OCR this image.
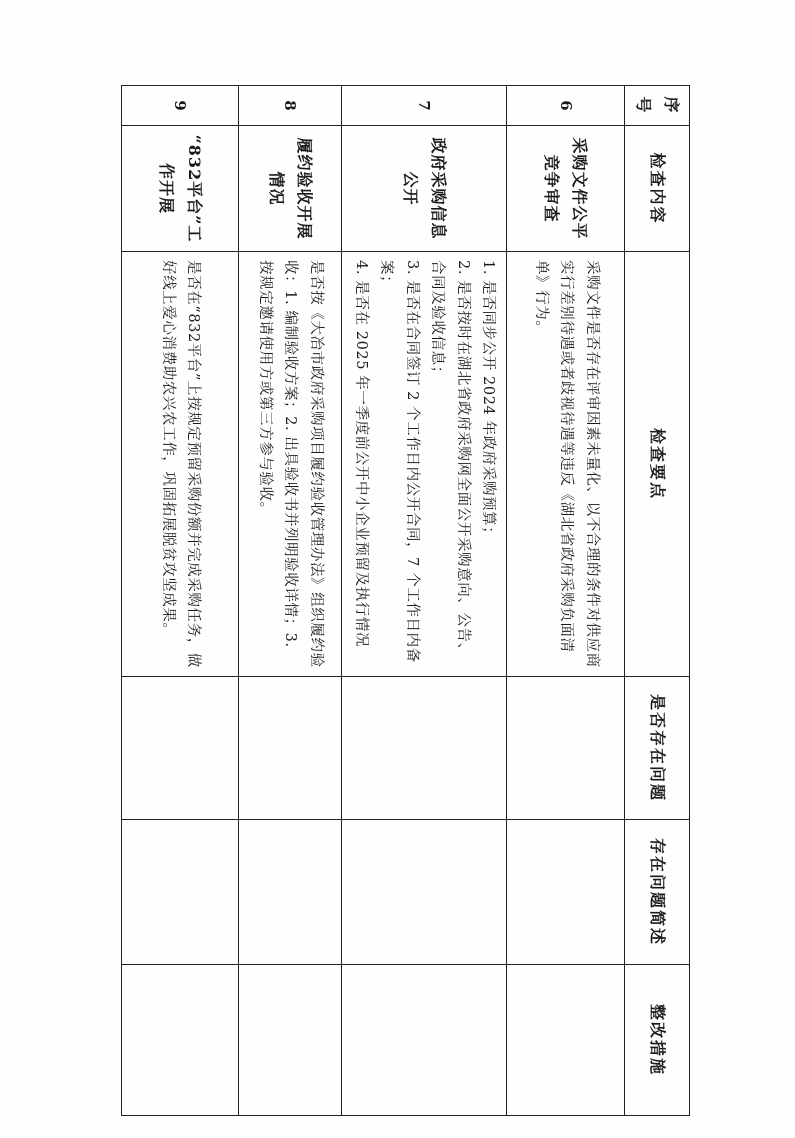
序号	检查内容	检查要点	是否存在问题	存在问题简述	整改措施
6	采购文件公平竞争审查	采购文件是否存在评审因素未量化、以不合理的条件对供应商实行差别待遇或者歧视待遇等违反《湖北省政府采购负面清单》行为。			

7	政府采购信息公开	1. 是否同步公开 2024 年政府采购预算；
2. 是否按时在湖北省政府采购网全面公开采购意向、公告、合同及验收信息；
3. 是否在合同签订 2 个工作日内公开合同，7 个工作日内备案；
4. 是否在 2025 年一季度前公开中小企业预留及执行情况			

8	履约验收开展情况	是否按《大冶市政府采购项目履约验收管理办法》组织履约验收：1. 编制验收方案；2. 出具验收书并列明验收详情；3. 按规定邀请使用方或第三方参与验收。			

9	“832平台”工作开展	是否在“832平台”上按规定预留采购份额并完成采购任务，做好线上爱心消费助农兴农工作，巩固拓展脱贫攻坚成果。			
